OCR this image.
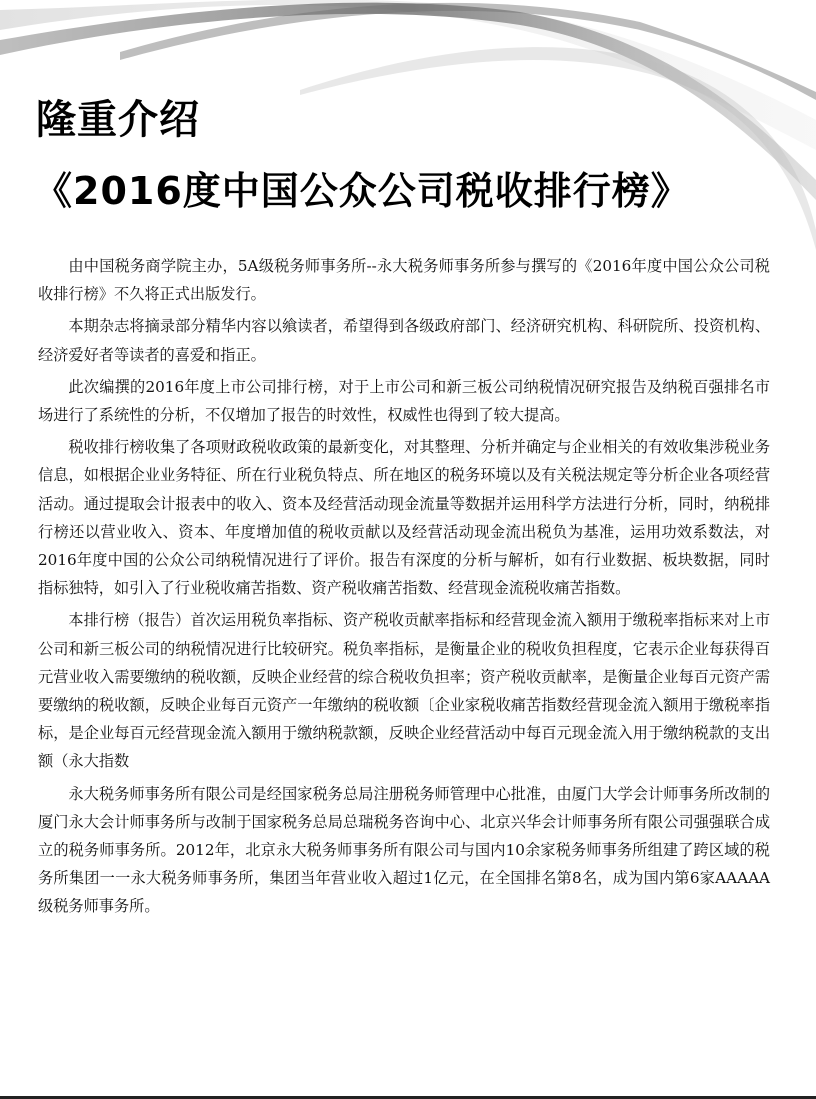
隆重介绍
《2016度中国公众公司税收排行榜》

由中国税务商学院主办，5A级税务师事务所--永大税务师事务所参与撰写的《2016年度中国公众公司税收排行榜》不久将正式出版发行。

本期杂志将摘录部分精华内容以飨读者，希望得到各级政府部门、经济研究机构、科研院所、投资机构、经济爱好者等读者的喜爱和指正。

此次编撰的2016年度上市公司排行榜，对于上市公司和新三板公司纳税情况研究报告及纳税百强排名市场进行了系统性的分析，不仅增加了报告的时效性，权威性也得到了较大提高。

税收排行榜收集了各项财政税收政策的最新变化，对其整理、分析并确定与企业相关的有效收集涉税业务信息，如根据企业业务特征、所在行业税负特点、所在地区的税务环境以及有关税法规定等分析企业各项经营活动。通过提取会计报表中的收入、资本及经营活动现金流量等数据并运用科学方法进行分析，同时，纳税排行榜还以营业收入、资本、年度增加值的税收贡献以及经营活动现金流出税负为基准，运用功效系数法，对2016年度中国的公众公司纳税情况进行了评价。报告有深度的分析与解析，如有行业数据、板块数据，同时指标独特，如引入了行业税收痛苦指数、资产税收痛苦指数、经营现金流税收痛苦指数。

本排行榜（报告）首次运用税负率指标、资产税收贡献率指标和经营现金流入额用于缴税率指标来对上市公司和新三板公司的纳税情况进行比较研究。税负率指标，是衡量企业的税收负担程度，它表示企业每获得百元营业收入需要缴纳的税收额，反映企业经营的综合税收负担率；资产税收贡献率，是衡量企业每百元资产需要缴纳的税收额，反映企业每百元资产一年缴纳的税收额〔企业家税收痛苦指数经营现金流入额用于缴税率指标，是企业每百元经营现金流入额用于缴纳税款额，反映企业经营活动中每百元现金流入用于缴纳税款的支出额（永大指数

永大税务师事务所有限公司是经国家税务总局注册税务师管理中心批准，由厦门大学会计师事务所改制的厦门永大会计师事务所与改制于国家税务总局总瑞税务咨询中心、北京兴华会计师事务所有限公司强强联合成立的税务师事务所。2012年，北京永大税务师事务所有限公司与国内10余家税务师事务所组建了跨区域的税务所集团一一永大税务师事务所，集团当年营业收入超过1亿元，在全国排名第8名，成为国内第6家AAAAA级税务师事务所。
